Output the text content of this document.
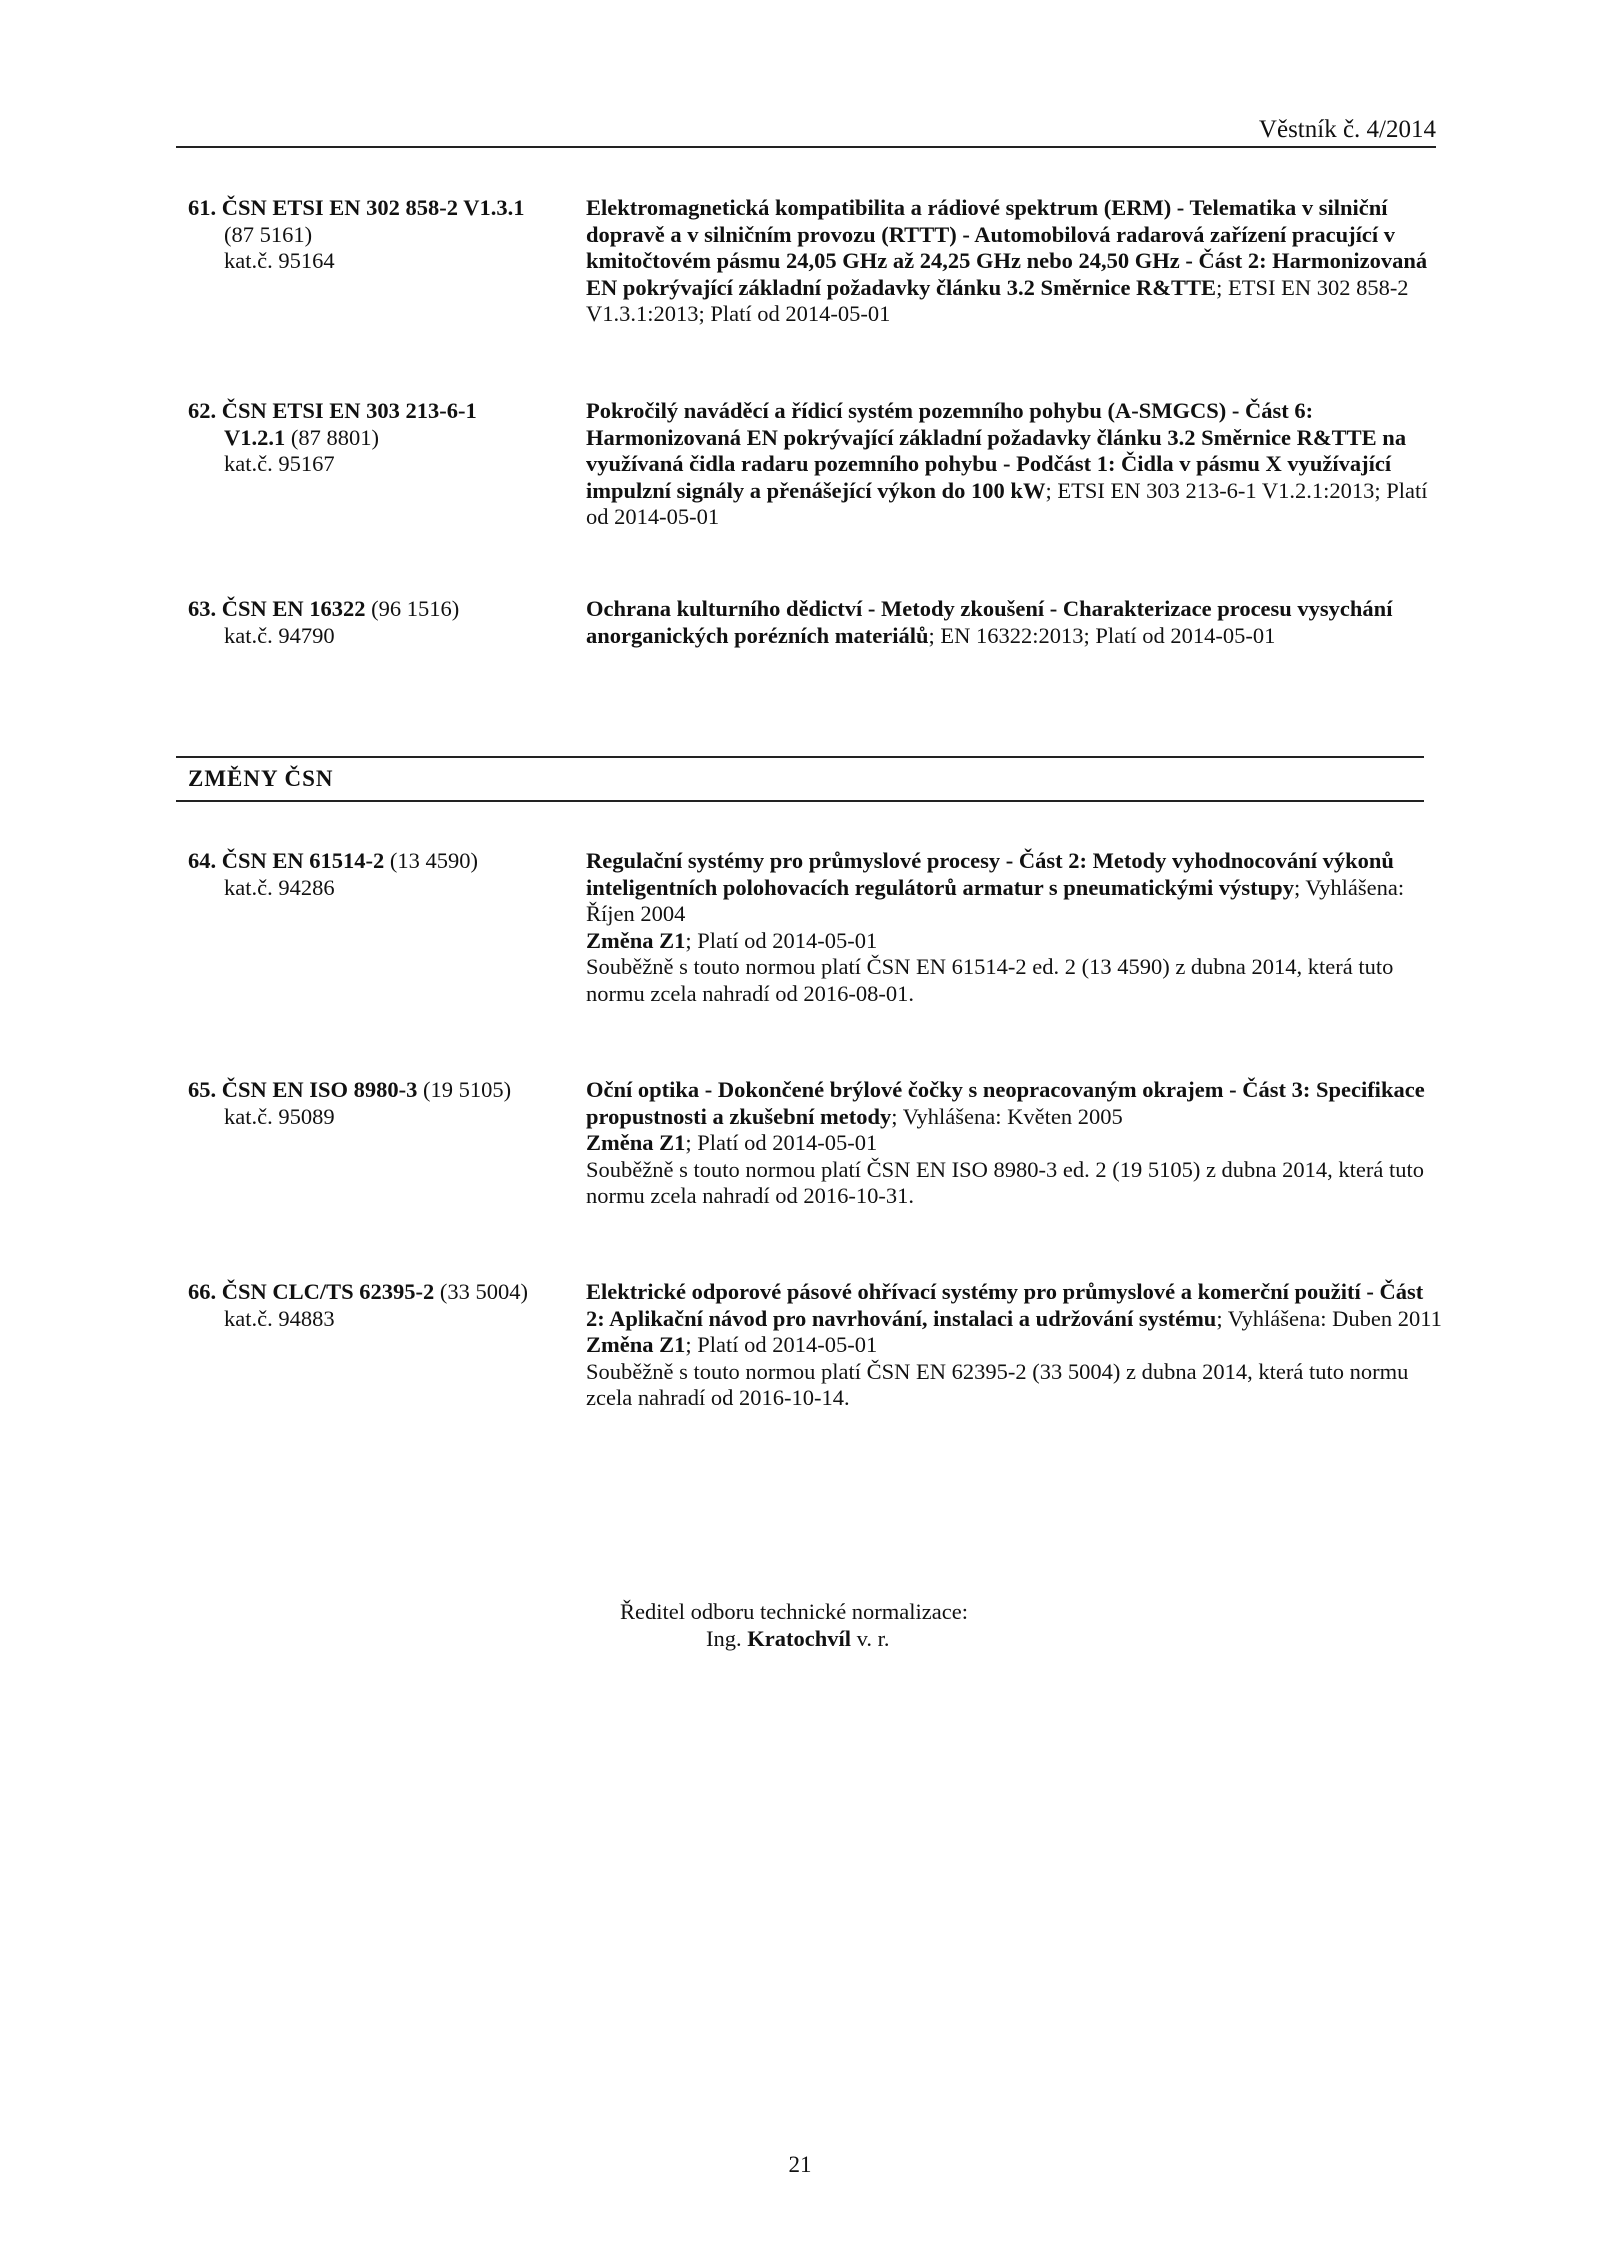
Věstník č. 4/2014
61. ČSN ETSI EN 302 858-2 V1.3.1
(87 5161)
kat.č. 95164
Elektromagnetická kompatibilita a rádiové spektrum (ERM) - Telematika v silniční dopravě a v silničním provozu (RTTT) - Automobilová radarová zařízení pracující v kmitočtovém pásmu 24,05 GHz až 24,25 GHz nebo 24,50 GHz - Část 2: Harmonizovaná EN pokrývající základní požadavky článku 3.2 Směrnice R&TTE; ETSI EN 302 858-2 V1.3.1:2013; Platí od 2014-05-01
62. ČSN ETSI EN 303 213-6-1
V1.2.1 (87 8801)
kat.č. 95167
Pokročilý naváděcí a řídicí systém pozemního pohybu (A-SMGCS) - Část 6: Harmonizovaná EN pokrývající základní požadavky článku 3.2 Směrnice R&TTE na využívaná čidla radaru pozemního pohybu - Podčást 1: Čidla v pásmu X využívající impulzní signály a přenášející výkon do 100 kW; ETSI EN 303 213-6-1 V1.2.1:2013; Platí od 2014-05-01
63. ČSN EN 16322 (96 1516)
kat.č. 94790
Ochrana kulturního dědictví - Metody zkoušení - Charakterizace procesu vysychání anorganických porézních materiálů; EN 16322:2013; Platí od 2014-05-01
ZMĚNY ČSN
64. ČSN EN 61514-2 (13 4590)
kat.č. 94286
Regulační systémy pro průmyslové procesy - Část 2: Metody vyhodnocování výkonů inteligentních polohovacích regulátorů armatur s pneumatickými výstupy; Vyhlášena: Říjen 2004
Změna Z1; Platí od 2014-05-01
Souběžně s touto normou platí ČSN EN 61514-2 ed. 2 (13 4590) z dubna 2014, která tuto normu zcela nahradí od 2016-08-01.
65. ČSN EN ISO 8980-3 (19 5105)
kat.č. 95089
Oční optika - Dokončené brýlové čočky s neopracovaným okrajem - Část 3: Specifikace propustnosti a zkušební metody; Vyhlášena: Květen 2005
Změna Z1; Platí od 2014-05-01
Souběžně s touto normou platí ČSN EN ISO 8980-3 ed. 2 (19 5105) z dubna 2014, která tuto normu zcela nahradí od 2016-10-31.
66. ČSN CLC/TS 62395-2 (33 5004)
kat.č. 94883
Elektrické odporové pásové ohřívací systémy pro průmyslové a komerční použití - Část 2: Aplikační návod pro navrhování, instalaci a udržování systému; Vyhlášena: Duben 2011
Změna Z1; Platí od 2014-05-01
Souběžně s touto normou platí ČSN EN 62395-2 (33 5004) z dubna 2014, která tuto normu zcela nahradí od 2016-10-14.
Ředitel odboru technické normalizace:
Ing. Kratochvíl v. r.
21
